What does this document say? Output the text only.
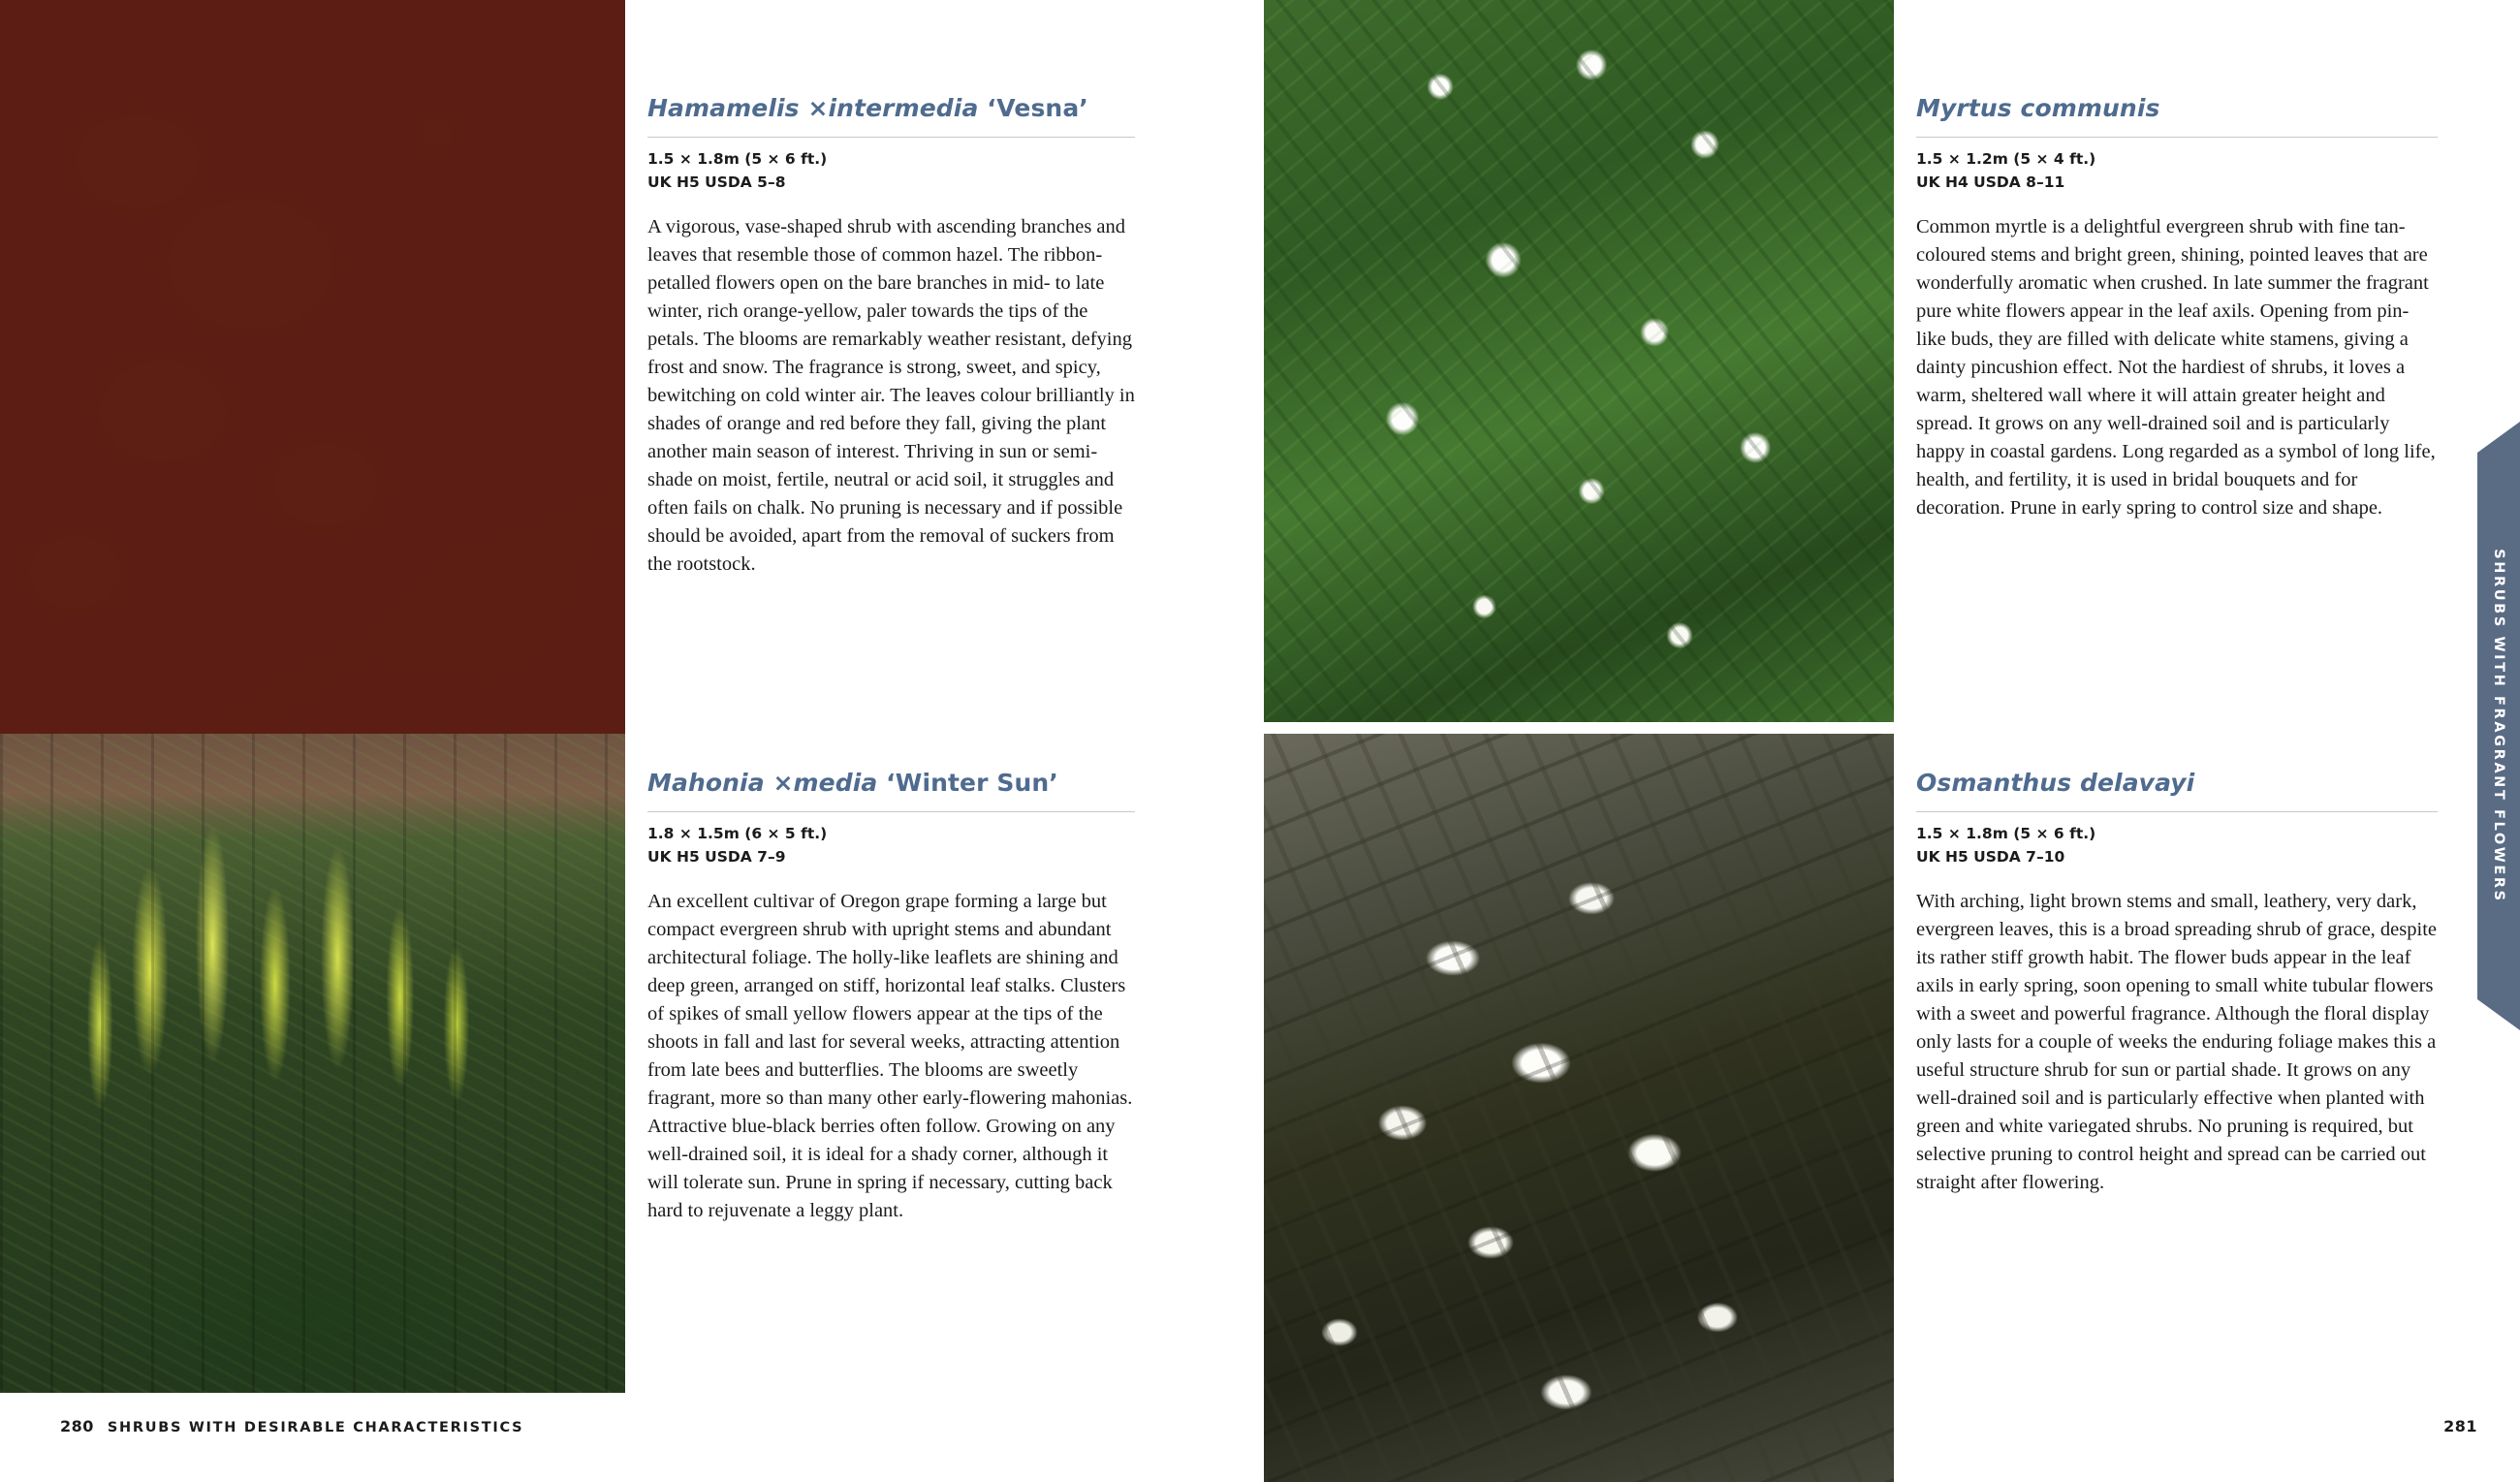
Hamamelis ×intermedia ‘Vesna’

1.5 × 1.8m (5 × 6 ft.)

UK H5 USDA 5–8

A vigorous, vase-shaped shrub with ascending branches and leaves that resemble those of common hazel. The ribbon-petalled flowers open on the bare branches in mid- to late winter, rich orange-yellow, paler towards the tips of the petals. The blooms are remarkably weather resistant, defying frost and snow. The fragrance is strong, sweet, and spicy, bewitching on cold winter air. The leaves colour brilliantly in shades of orange and red before they fall, giving the plant another main season of interest. Thriving in sun or semi-shade on moist, fertile, neutral or acid soil, it struggles and often fails on chalk. No pruning is necessary and if possible should be avoided, apart from the removal of suckers from the rootstock.

Mahonia ×media ‘Winter Sun’

1.8 × 1.5m (6 × 5 ft.)

UK H5 USDA 7–9

An excellent cultivar of Oregon grape forming a large but compact evergreen shrub with upright stems and abundant architectural foliage. The holly-like leaflets are shining and deep green, arranged on stiff, horizontal leaf stalks. Clusters of spikes of small yellow flowers appear at the tips of the shoots in fall and last for several weeks, attracting attention from late bees and butterflies. The blooms are sweetly fragrant, more so than many other early-flowering mahonias. Attractive blue-black berries often follow. Growing on any well-drained soil, it is ideal for a shady corner, although it will tolerate sun. Prune in spring if necessary, cutting back hard to rejuvenate a leggy plant.

280 SHRUBS WITH DESIRABLE CHARACTERISTICS
Myrtus communis

1.5 × 1.2m (5 × 4 ft.)

UK H4 USDA 8–11

Common myrtle is a delightful evergreen shrub with fine tan-coloured stems and bright green, shining, pointed leaves that are wonderfully aromatic when crushed. In late summer the fragrant pure white flowers appear in the leaf axils. Opening from pin-like buds, they are filled with delicate white stamens, giving a dainty pincushion effect. Not the hardiest of shrubs, it loves a warm, sheltered wall where it will attain greater height and spread. It grows on any well-drained soil and is particularly happy in coastal gardens. Long regarded as a symbol of long life, health, and fertility, it is used in bridal bouquets and for decoration. Prune in early spring to control size and shape.

Osmanthus delavayi

1.5 × 1.8m (5 × 6 ft.)

UK H5 USDA 7–10

With arching, light brown stems and small, leathery, very dark, evergreen leaves, this is a broad spreading shrub of grace, despite its rather stiff growth habit. The flower buds appear in the leaf axils in early spring, soon opening to small white tubular flowers with a sweet and powerful fragrance. Although the floral display only lasts for a couple of weeks the enduring foliage makes this a useful structure shrub for sun or partial shade. It grows on any well-drained soil and is particularly effective when planted with green and white variegated shrubs. No pruning is required, but selective pruning to control height and spread can be carried out straight after flowering.

SHRUBS WITH FRAGRANT FLOWERS
281
